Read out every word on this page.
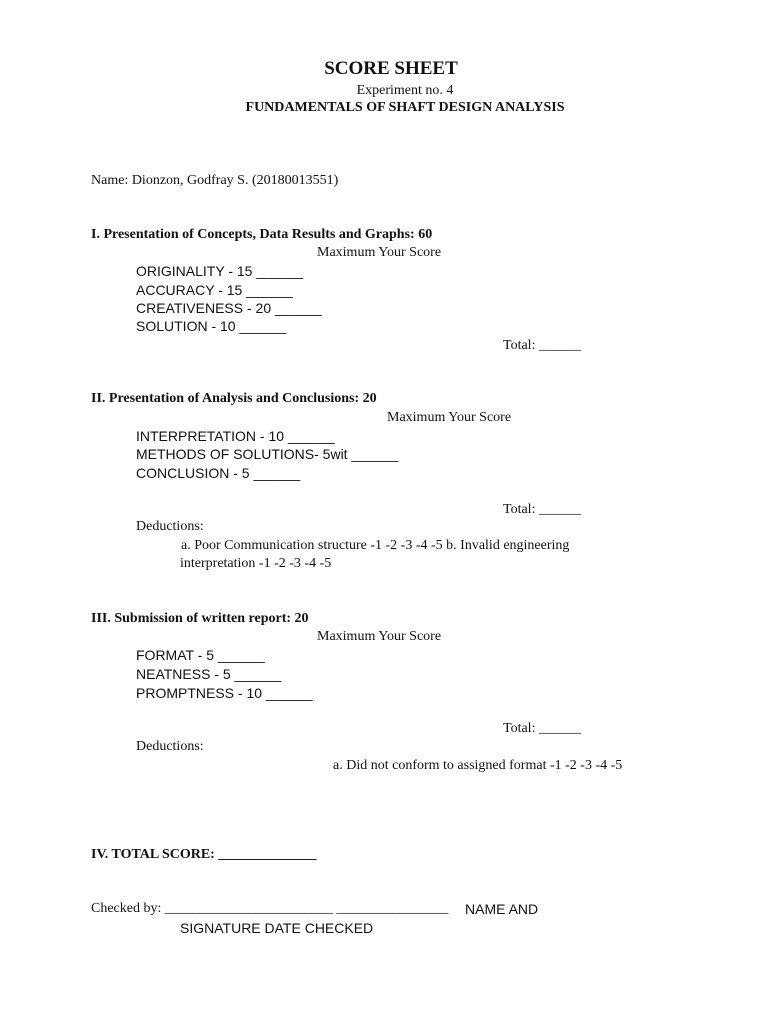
SCORE SHEET
Experiment no. 4
FUNDAMENTALS OF SHAFT DESIGN ANALYSIS
Name: Dionzon, Godfray S. (20180013551)
I. Presentation of Concepts, Data Results and Graphs: 60
Maximum Your Score
ORIGINALITY - 15 ______
ACCURACY - 15 ______
CREATIVENESS - 20 ______
SOLUTION - 10 ______
Total: ______
II. Presentation of Analysis and Conclusions: 20
Maximum Your Score
INTERPRETATION - 10 ______
METHODS OF SOLUTIONS- 5wit ______
CONCLUSION - 5 ______
Total: ______
Deductions:
a. Poor Communication structure -1 -2 -3 -4 -5 b. Invalid engineering
interpretation -1 -2 -3 -4 -5
III. Submission of written report: 20
Maximum Your Score
FORMAT - 5 ______
NEATNESS - 5 ______
PROMPTNESS - 10 ______
Total: ______
Deductions:
a. Did not conform to assigned format -1 -2 -3 -4 -5
IV. TOTAL SCORE: ______________
Checked by: ________________________ ________________ NAME AND
SIGNATURE DATE CHECKED
